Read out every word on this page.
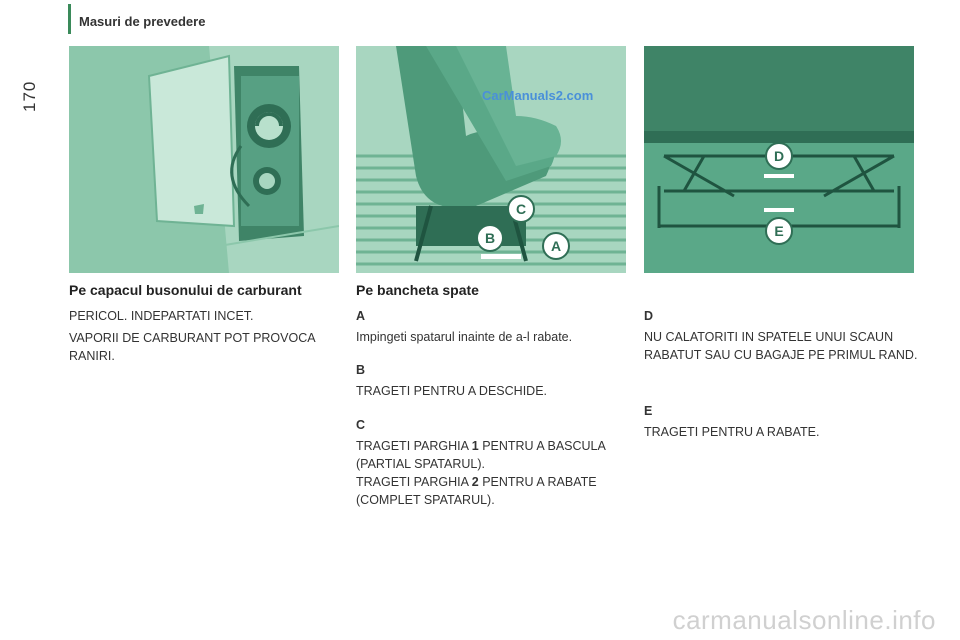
Masuri de prevedere
170
C
B	A
CarManuals2.com
D
E
Pe capacul busonului de carburant

PERICOL. INDEPARTATI INCET.

VAPORII DE CARBURANT POT PROVOCA RANIRI.

Pe bancheta spate
A

Impingeti spatarul inainte de a-l rabate.

B

TRAGETI PENTRU A DESCHIDE.

C

TRAGETI PARGHIA 1 PENTRU A BASCULA (PARTIAL SPATARUL).

TRAGETI PARGHIA 2 PENTRU A RABATE (COMPLET SPATARUL).

D

NU CALATORITI IN SPATELE UNUI SCAUN RABATUT SAU CU BAGAJE PE PRIMUL RAND.

E

TRAGETI PENTRU A RABATE.

carmanualsonline.info
